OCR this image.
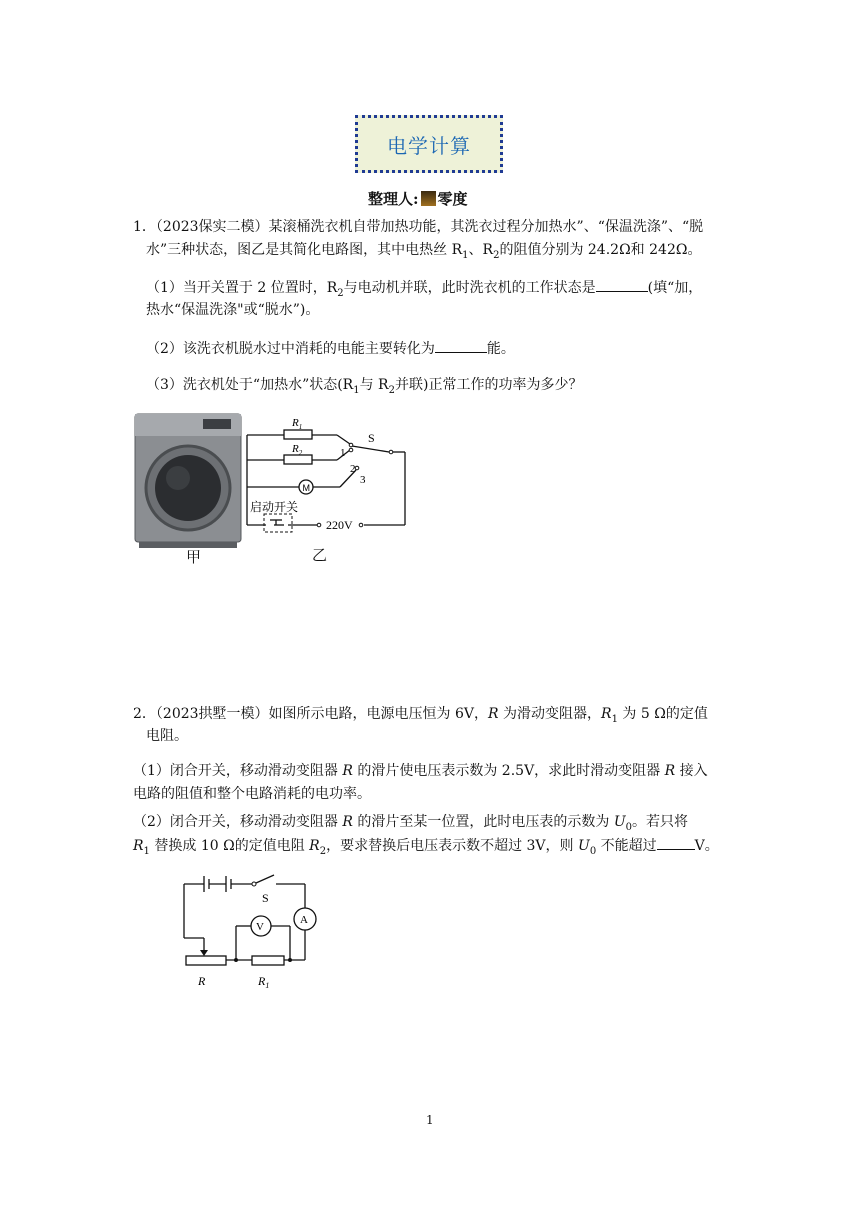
电学计算
整理人: 零度
1．（2023保实二模）某滚桶洗衣机自带加热功能，其洗衣过程分加热水”、“保温洗涤”、“脱
水”三种状态，图乙是其简化电路图，其中电热丝 $R_1$、$R_2$的阻值分别为 24.2Ω和 242Ω。
（1）当开关置于 2 位置时，$R_2$与电动机并联，此时洗衣机的工作状态是	(填“加，
热水“保温洗涤"或“脱水”)。
（2）该洗衣机脱水过中消耗的电能主要转化为	能。
（3）洗衣机处于“加热水”状态($R_1$与 $R_2$并联)正常工作的功率为多少？
甲
$R_1$
$R_2$
S
1
2
3
M
启动开关
220V
乙
2．（2023拱墅一模）如图所示电路，电源电压恒为 6V，R 为滑动变阻器，$R_1$ 为 5 Ω的定值
电阻。
（1）闭合开关，移动滑动变阻器 R 的滑片使电压表示数为 2.5V，求此时滑动变阻器 R 接入
电路的阻值和整个电路消耗的电功率。
（2）闭合开关，移动滑动变阻器 R 的滑片至某一位置，此时电压表的示数为 $U_0$。若只将
$R_1$ 替换成 10 Ω的定值电阻 $R_2$，要求替换后电压表示数不超过 3V，则 $U_0$ 不能超过	V。
V
A
S
R	$R_1$
1
